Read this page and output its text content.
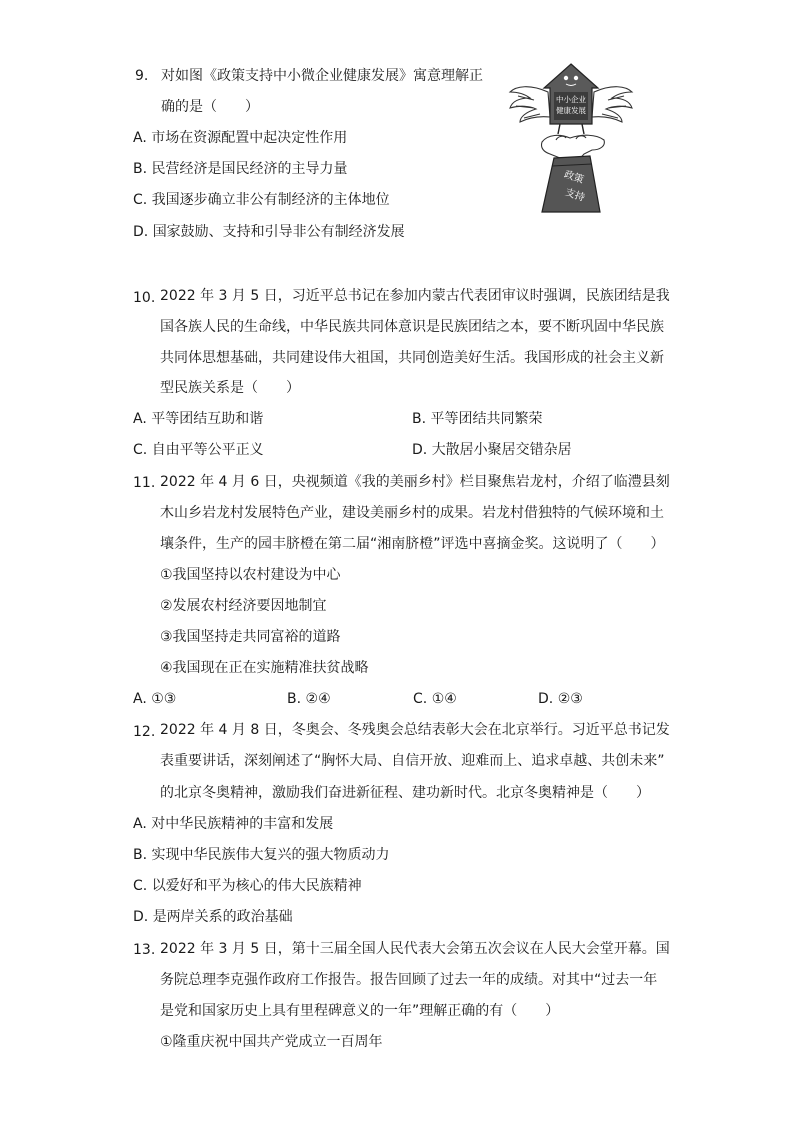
9. 对如图《政策支持中小微企业健康发展》寓意理解正
确的是（　　）
A. 市场在资源配置中起决定性作用
B. 民营经济是国民经济的主导力量
C. 我国逐步确立非公有制经济的主体地位
D. 国家鼓励、支持和引导非公有制经济发展
中小企业
健康发展
政策
支持
10. 2022 年 3 月 5 日，习近平总书记在参加内蒙古代表团审议时强调，民族团结是我
国各族人民的生命线，中华民族共同体意识是民族团结之本，要不断巩固中华民族
共同体思想基础，共同建设伟大祖国，共同创造美好生活。我国形成的社会主义新
型民族关系是（　　）
A. 平等团结互助和谐	B. 平等团结共同繁荣
C. 自由平等公平正义	D. 大散居小聚居交错杂居
11. 2022 年 4 月 6 日，央视频道《我的美丽乡村》栏目聚焦岩龙村，介绍了临澧县刻
木山乡岩龙村发展特色产业，建设美丽乡村的成果。岩龙村借独特的气候环境和土
壤条件，生产的园丰脐橙在第二届“湘南脐橙”评选中喜摘金奖。这说明了（　　）
①我国坚持以农村建设为中心
②发展农村经济要因地制宜
③我国坚持走共同富裕的道路
④我国现在正在实施精准扶贫战略
A. ①③	B. ②④	C. ①④	D. ②③
12. 2022 年 4 月 8 日，冬奥会、冬残奥会总结表彰大会在北京举行。习近平总书记发
表重要讲话，深刻阐述了“胸怀大局、自信开放、迎难而上、追求卓越、共创未来”
的北京冬奥精神，激励我们奋进新征程、建功新时代。北京冬奥精神是（　　）
A. 对中华民族精神的丰富和发展
B. 实现中华民族伟大复兴的强大物质动力
C. 以爱好和平为核心的伟大民族精神
D. 是两岸关系的政治基础
13. 2022 年 3 月 5 日，第十三届全国人民代表大会第五次会议在人民大会堂开幕。国
务院总理李克强作政府工作报告。报告回顾了过去一年的成绩。对其中“过去一年
是党和国家历史上具有里程碑意义的一年”理解正确的有（　　）
①隆重庆祝中国共产党成立一百周年
